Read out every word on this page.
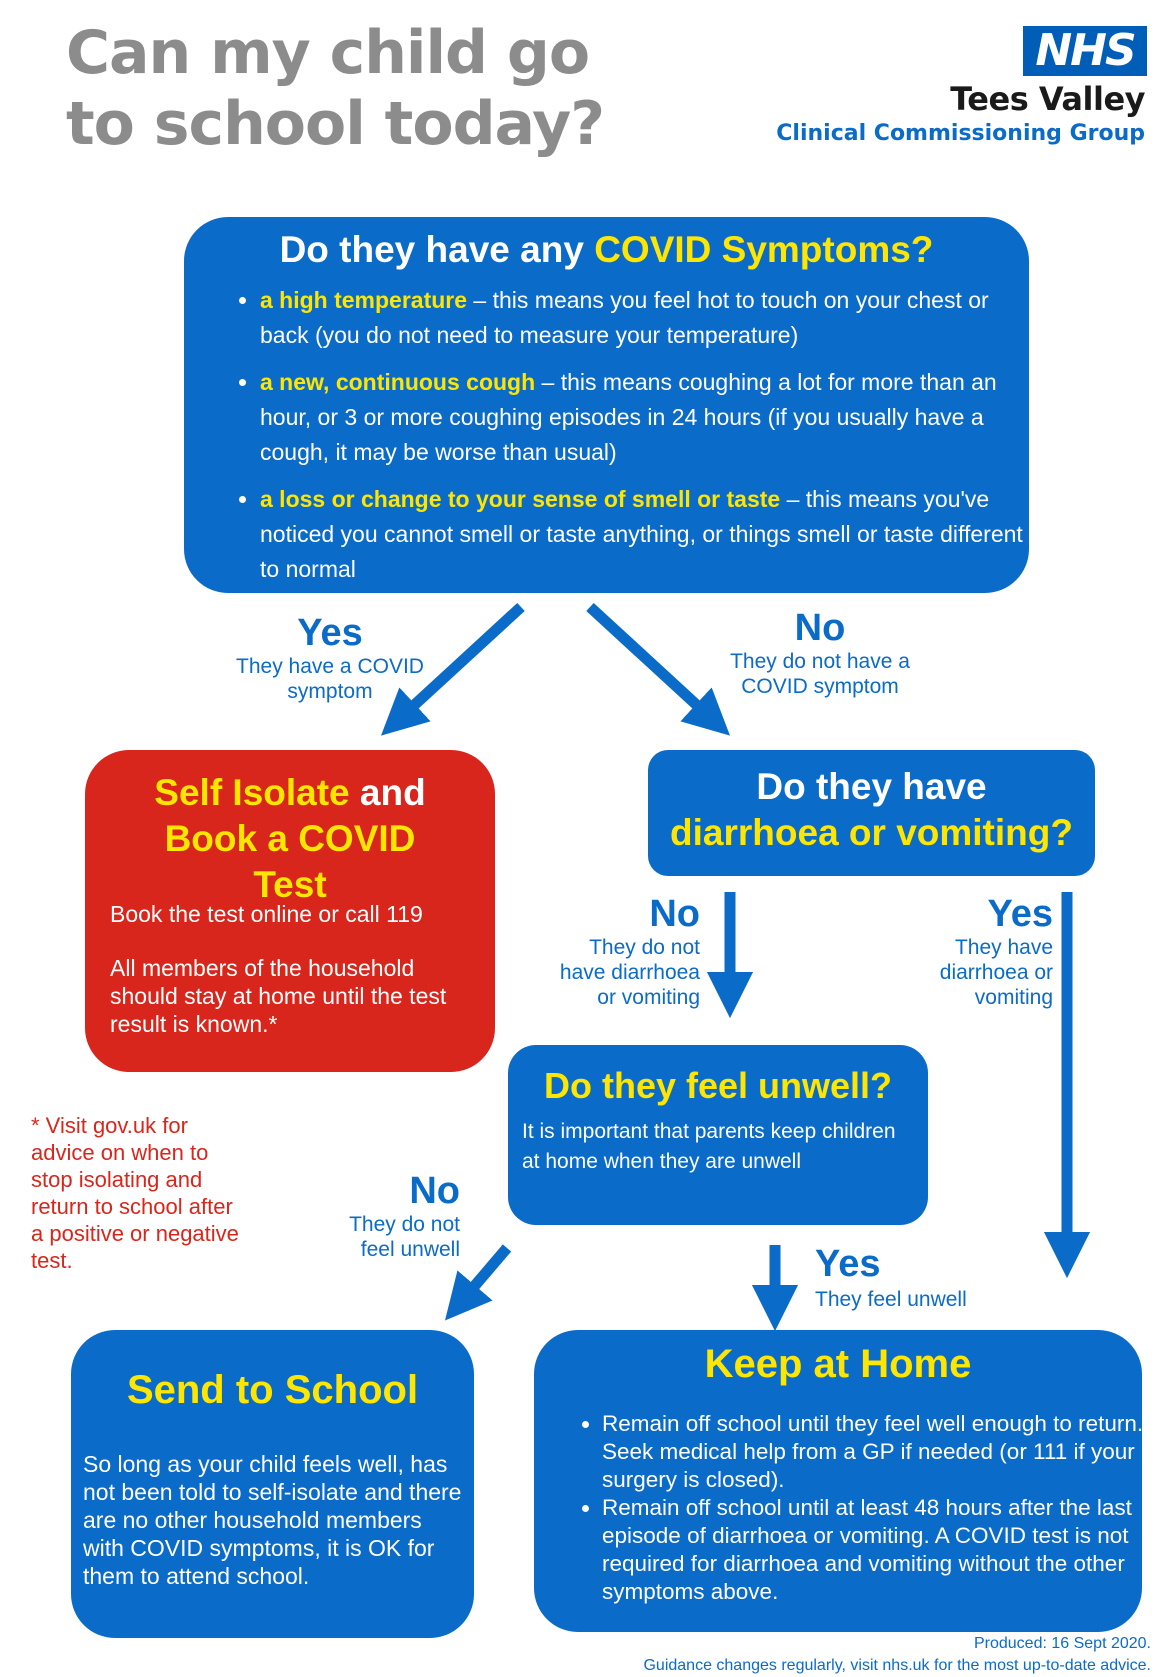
Can my child go
to school today?
NHS
Tees Valley
Clinical Commissioning Group
Do they have any COVID Symptoms?
• a high temperature – this means you feel hot to touch on your chest or back (you do not need to measure your temperature)
• a new, continuous cough – this means coughing a lot for more than an hour, or 3 or more coughing episodes in 24 hours (if you usually have a cough, it may be worse than usual)
• a loss or change to your sense of smell or taste – this means you've noticed you cannot smell or taste anything, or things smell or taste different to normal
Yes
They have a COVID symptom
No
They do not have a COVID symptom
Self Isolate and
Book a COVID Test
Book the test online or call 119
All members of the household should stay at home until the test result is known.*
Do they have
diarrhoea or vomiting?
No
They do not have diarrhoea or vomiting
Yes
They have diarrhoea or vomiting
Do they feel unwell?
It is important that parents keep children at home when they are unwell
* Visit gov.uk for advice on when to stop isolating and return to school after a positive or negative test.
No
They do not feel unwell	Yes
They feel unwell
Send to School
So long as your child feels well, has not been told to self-isolate and there are no other household members with COVID symptoms, it is OK for them to attend school.
Keep at Home
• Remain off school until they feel well enough to return. Seek medical help from a GP if needed (or 111 if your surgery is closed).
• Remain off school until at least 48 hours after the last episode of diarrhoea or vomiting. A COVID test is not required for diarrhoea and vomiting without the other symptoms above.
Produced: 16 Sept 2020.
Guidance changes regularly, visit nhs.uk for the most up-to-date advice.
